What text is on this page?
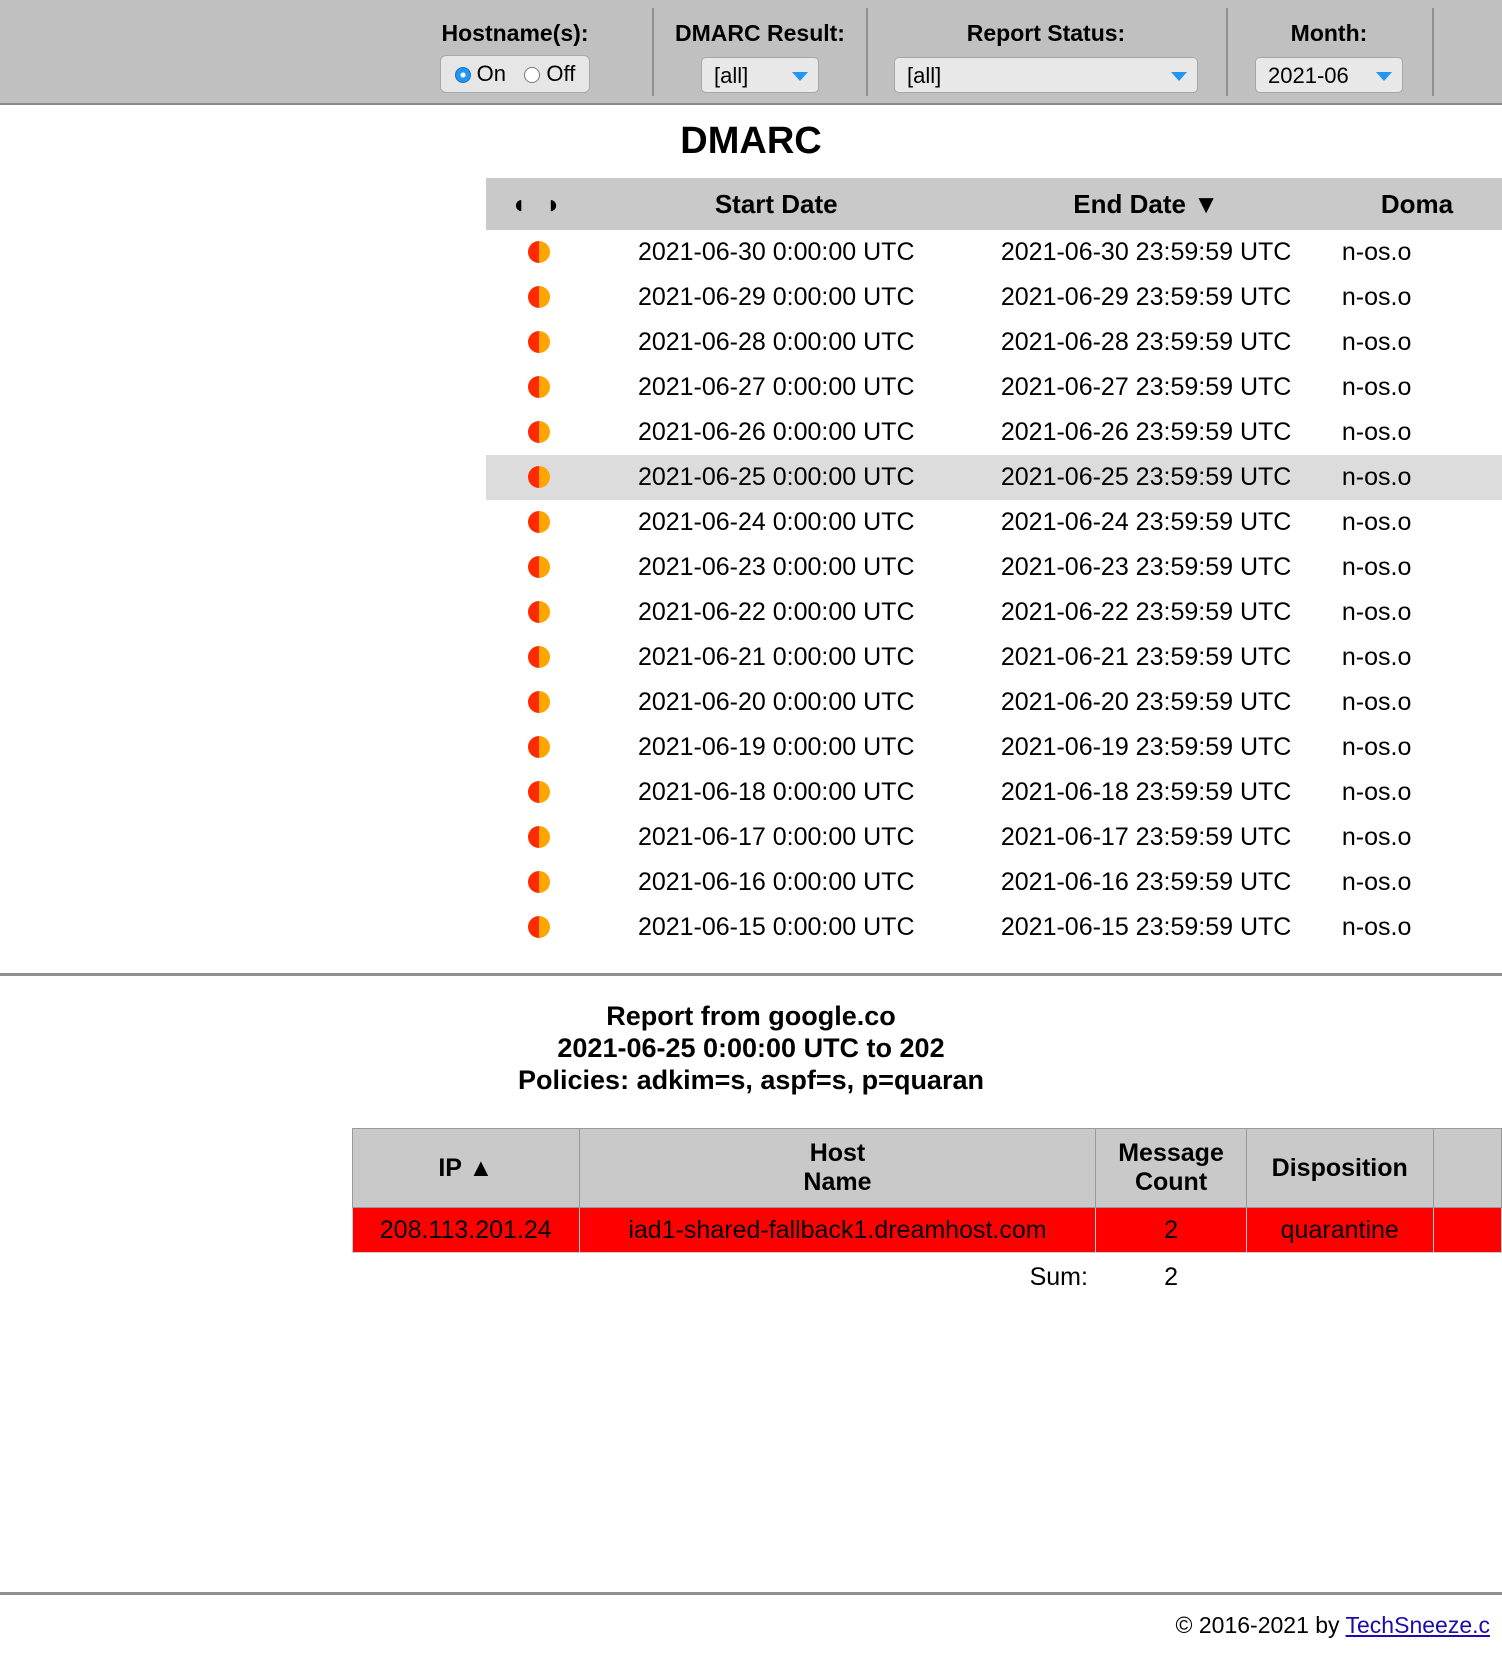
Hostname(s):
On Off
DMARC Result:
[all]
Report Status:
[all]
Month:
2021-06
DMARC
◖ ◗	Start Date	End Date ▼	Doma
	2021-06-30 0:00:00 UTC	2021-06-30 23:59:59 UTC	n-os.o
	2021-06-29 0:00:00 UTC	2021-06-29 23:59:59 UTC	n-os.o
	2021-06-28 0:00:00 UTC	2021-06-28 23:59:59 UTC	n-os.o
	2021-06-27 0:00:00 UTC	2021-06-27 23:59:59 UTC	n-os.o
	2021-06-26 0:00:00 UTC	2021-06-26 23:59:59 UTC	n-os.o
	2021-06-25 0:00:00 UTC	2021-06-25 23:59:59 UTC	n-os.o
	2021-06-24 0:00:00 UTC	2021-06-24 23:59:59 UTC	n-os.o
	2021-06-23 0:00:00 UTC	2021-06-23 23:59:59 UTC	n-os.o
	2021-06-22 0:00:00 UTC	2021-06-22 23:59:59 UTC	n-os.o
	2021-06-21 0:00:00 UTC	2021-06-21 23:59:59 UTC	n-os.o
	2021-06-20 0:00:00 UTC	2021-06-20 23:59:59 UTC	n-os.o
	2021-06-19 0:00:00 UTC	2021-06-19 23:59:59 UTC	n-os.o
	2021-06-18 0:00:00 UTC	2021-06-18 23:59:59 UTC	n-os.o
	2021-06-17 0:00:00 UTC	2021-06-17 23:59:59 UTC	n-os.o
	2021-06-16 0:00:00 UTC	2021-06-16 23:59:59 UTC	n-os.o
	2021-06-15 0:00:00 UTC	2021-06-15 23:59:59 UTC	n-os.o
Report from google.co
2021-06-25 0:00:00 UTC to 202
Policies: adkim=s, aspf=s, p=quaran
IP ▲	Host
Name	Message
Count	Disposition	
208.113.201.24	iad1-shared-fallback1.dreamhost.com	2	quarantine	
	Sum:	2		
© 2016-2021 by TechSneeze.c
